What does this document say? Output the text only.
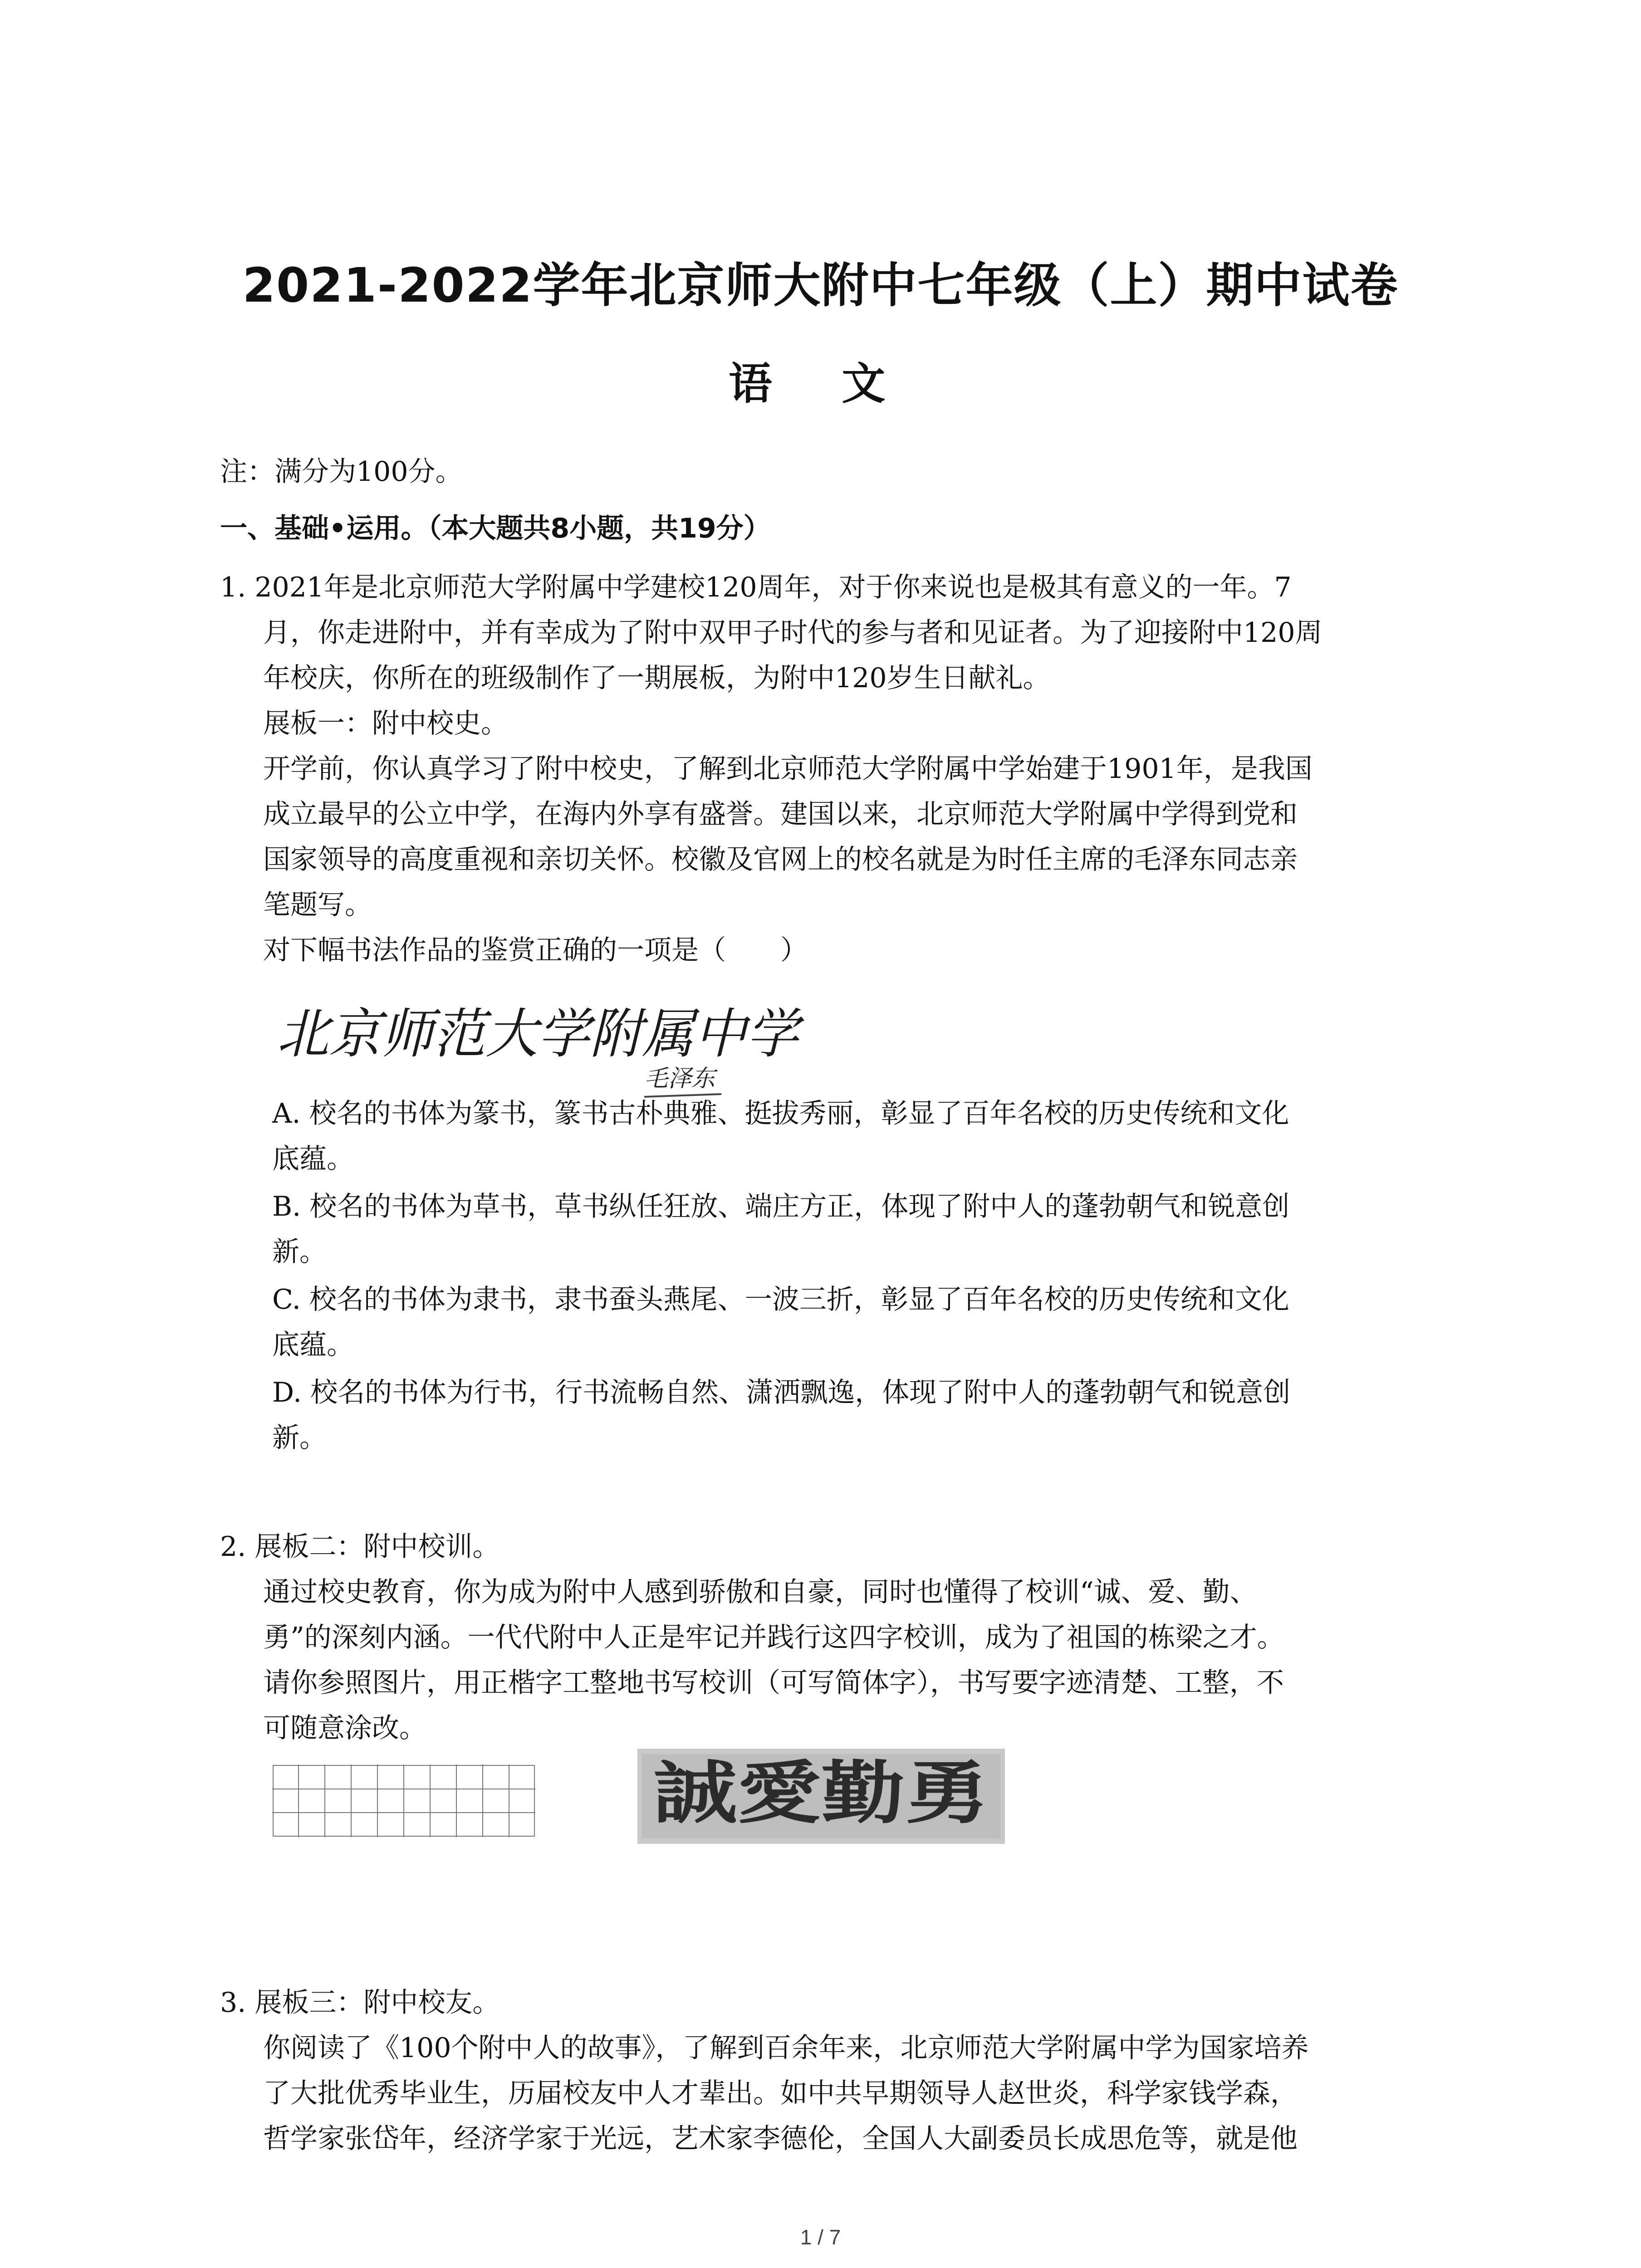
2021-2022学年北京师大附中七年级（上）期中试卷
语 文
注：满分为100分。
一、基础•运用。（本大题共8小题，共19分）
1. 2021年是北京师范大学附属中学建校120周年，对于你来说也是极其有意义的一年。7
月，你走进附中，并有幸成为了附中双甲子时代的参与者和见证者。为了迎接附中120周
年校庆，你所在的班级制作了一期展板，为附中120岁生日献礼。
展板一：附中校史。
开学前，你认真学习了附中校史，了解到北京师范大学附属中学始建于1901年，是我国
成立最早的公立中学，在海内外享有盛誉。建国以来，北京师范大学附属中学得到党和
国家领导的高度重视和亲切关怀。校徽及官网上的校名就是为时任主席的毛泽东同志亲
笔题写。
对下幅书法作品的鉴赏正确的一项是（　　）
北京师范大学附属中学
毛泽东
A. 校名的书体为篆书，篆书古朴典雅、挺拔秀丽，彰显了百年名校的历史传统和文化
底蕴。
B. 校名的书体为草书，草书纵任狂放、端庄方正，体现了附中人的蓬勃朝气和锐意创
新。
C. 校名的书体为隶书，隶书蚕头燕尾、一波三折，彰显了百年名校的历史传统和文化
底蕴。
D. 校名的书体为行书，行书流畅自然、潇洒飘逸，体现了附中人的蓬勃朝气和锐意创
新。
2. 展板二：附中校训。
通过校史教育，你为成为附中人感到骄傲和自豪，同时也懂得了校训“诚、爱、勤、
勇”的深刻内涵。一代代附中人正是牢记并践行这四字校训，成为了祖国的栋梁之才。
请你参照图片，用正楷字工整地书写校训（可写简体字），书写要字迹清楚、工整，不
可随意涂改。
誠愛勤勇
3. 展板三：附中校友。
你阅读了《100个附中人的故事》，了解到百余年来，北京师范大学附属中学为国家培养
了大批优秀毕业生，历届校友中人才辈出。如中共早期领导人赵世炎，科学家钱学森，
哲学家张岱年，经济学家于光远，艺术家李德伦，全国人大副委员长成思危等，就是他
1 / 7
